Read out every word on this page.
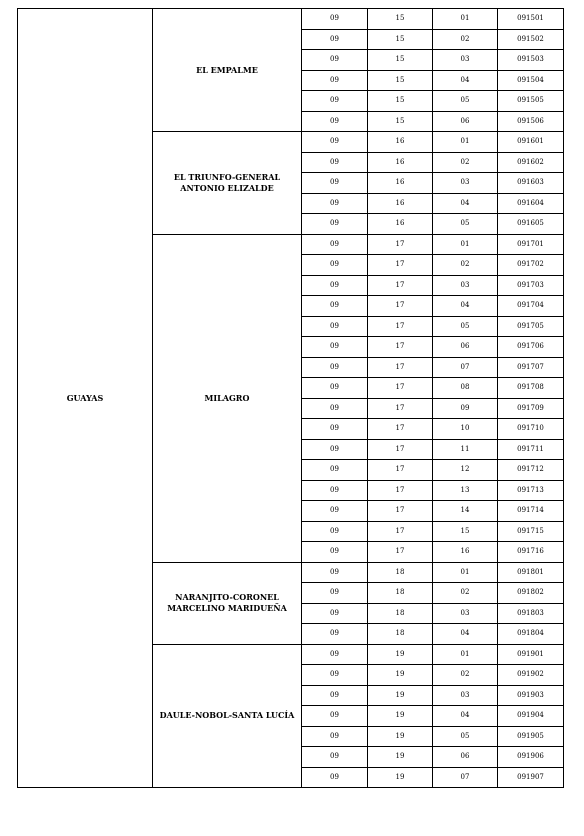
GUAYAS	EL EMPALME	09	15	01	091501
		09	15	02	091502
		09	15	03	091503
		09	15	04	091504
		09	15	05	091505
		09	15	06	091506
	EL TRIUNFO-GENERAL ANTONIO ELIZALDE	09	16	01	091601
		09	16	02	091602
		09	16	03	091603
		09	16	04	091604
		09	16	05	091605
	MILAGRO	09	17	01	091701
		09	17	02	091702
		09	17	03	091703
		09	17	04	091704
		09	17	05	091705
		09	17	06	091706
		09	17	07	091707
		09	17	08	091708
		09	17	09	091709
		09	17	10	091710
		09	17	11	091711
		09	17	12	091712
		09	17	13	091713
		09	17	14	091714
		09	17	15	091715
		09	17	16	091716
	NARANJITO-CORONEL MARCELINO MARIDUEÑA	09	18	01	091801
		09	18	02	091802
		09	18	03	091803
		09	18	04	091804
	DAULE-NOBOL-SANTA LUCÍA	09	19	01	091901
		09	19	02	091902
		09	19	03	091903
		09	19	04	091904
		09	19	05	091905
		09	19	06	091906
		09	19	07	091907
